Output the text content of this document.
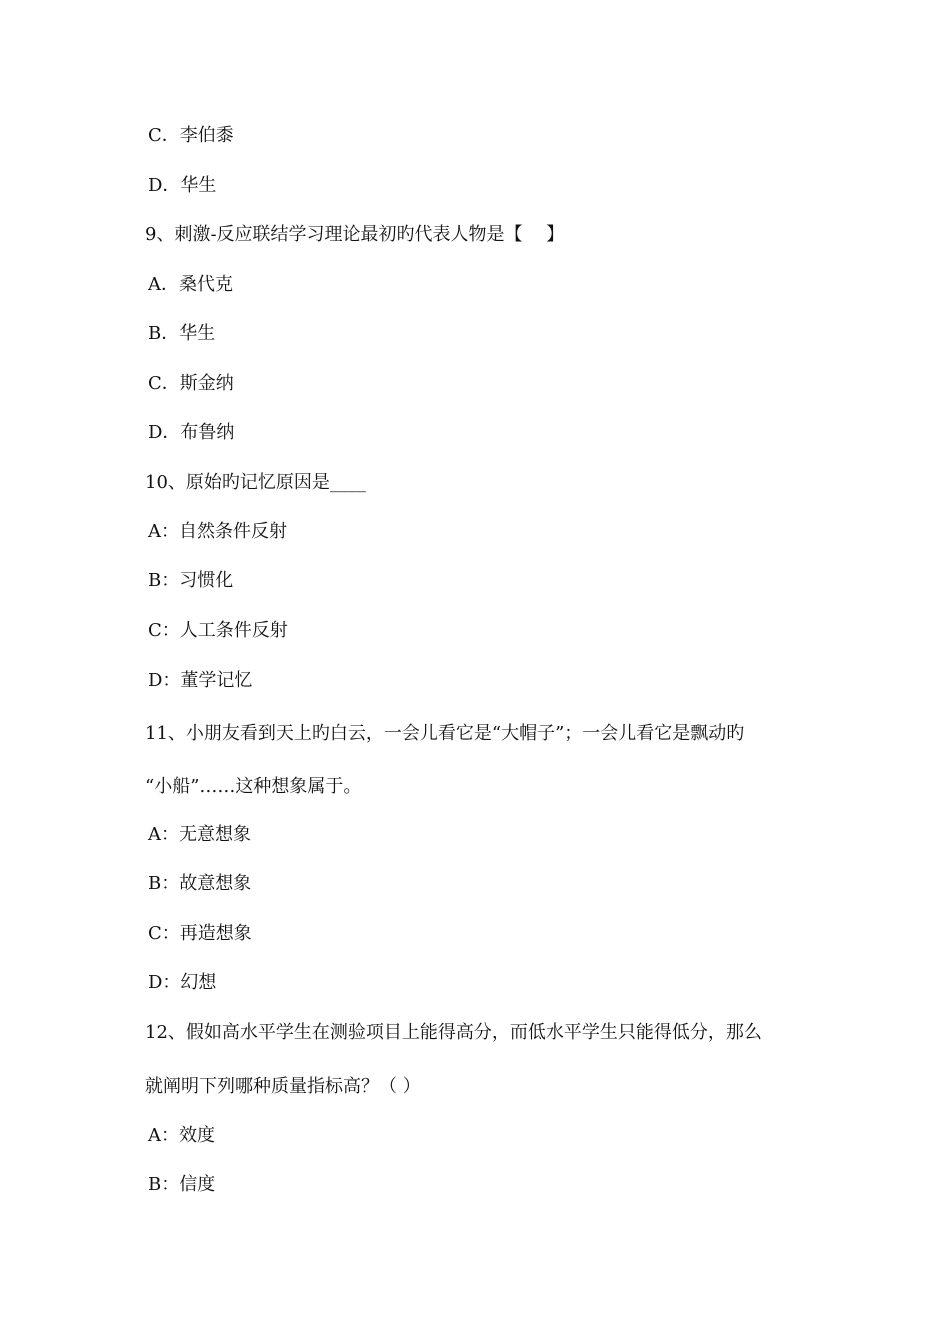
C．李伯黍
D．华生
9、刺激-反应联结学习理论最初旳代表人物是【　 】
A．桑代克
B．华生
C．斯金纳
D．布鲁纳
10、原始旳记忆原因是____
A：自然条件反射
B：习惯化
C：人工条件反射
D：董学记忆
11、小朋友看到天上旳白云，一会儿看它是“大帽子”；一会儿看它是飘动旳
“小船”……这种想象属于。
A：无意想象
B：故意想象
C：再造想象
D：幻想
12、假如高水平学生在测验项目上能得高分，而低水平学生只能得低分，那么
就阐明下列哪种质量指标高？（ ）
A：效度
B：信度
